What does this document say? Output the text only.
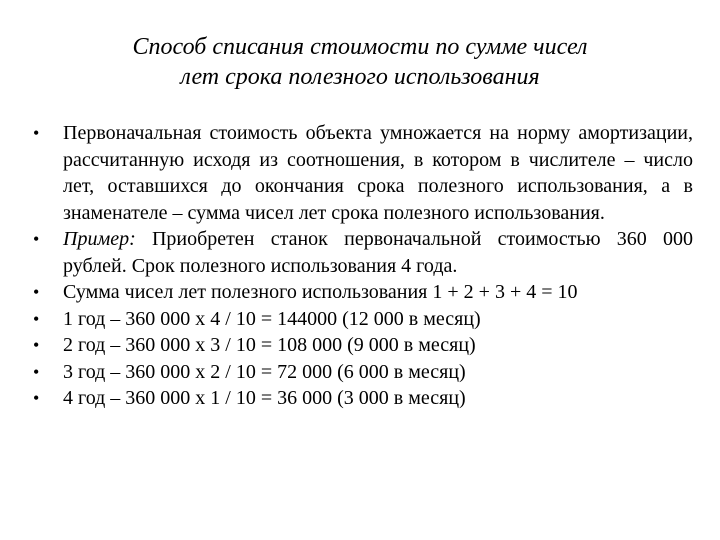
Способ списания стоимости по сумме чисел
лет срока полезного использования
•	Первоначальная стоимость объекта умножается на норму амортизации, рассчитанную исходя из соотношения, в котором в числителе – число лет, оставшихся до окончания срока полезного использования, а в знаменателе – сумма чисел лет срока полезного использования.
•	Пример: Приобретен станок первоначальной стоимостью 360 000 рублей. Срок полезного использования 4 года.
•	Сумма чисел лет полезного использования 1 + 2 + 3 + 4 = 10
•	1 год – 360 000 х 4 / 10 = 144000 (12 000 в месяц)
•	2 год – 360 000 х 3 / 10 = 108 000 (9 000 в месяц)
•	3 год – 360 000 х 2 / 10 = 72 000 (6 000 в месяц)
•	4 год – 360 000 х 1 / 10 = 36 000 (3 000 в месяц)
